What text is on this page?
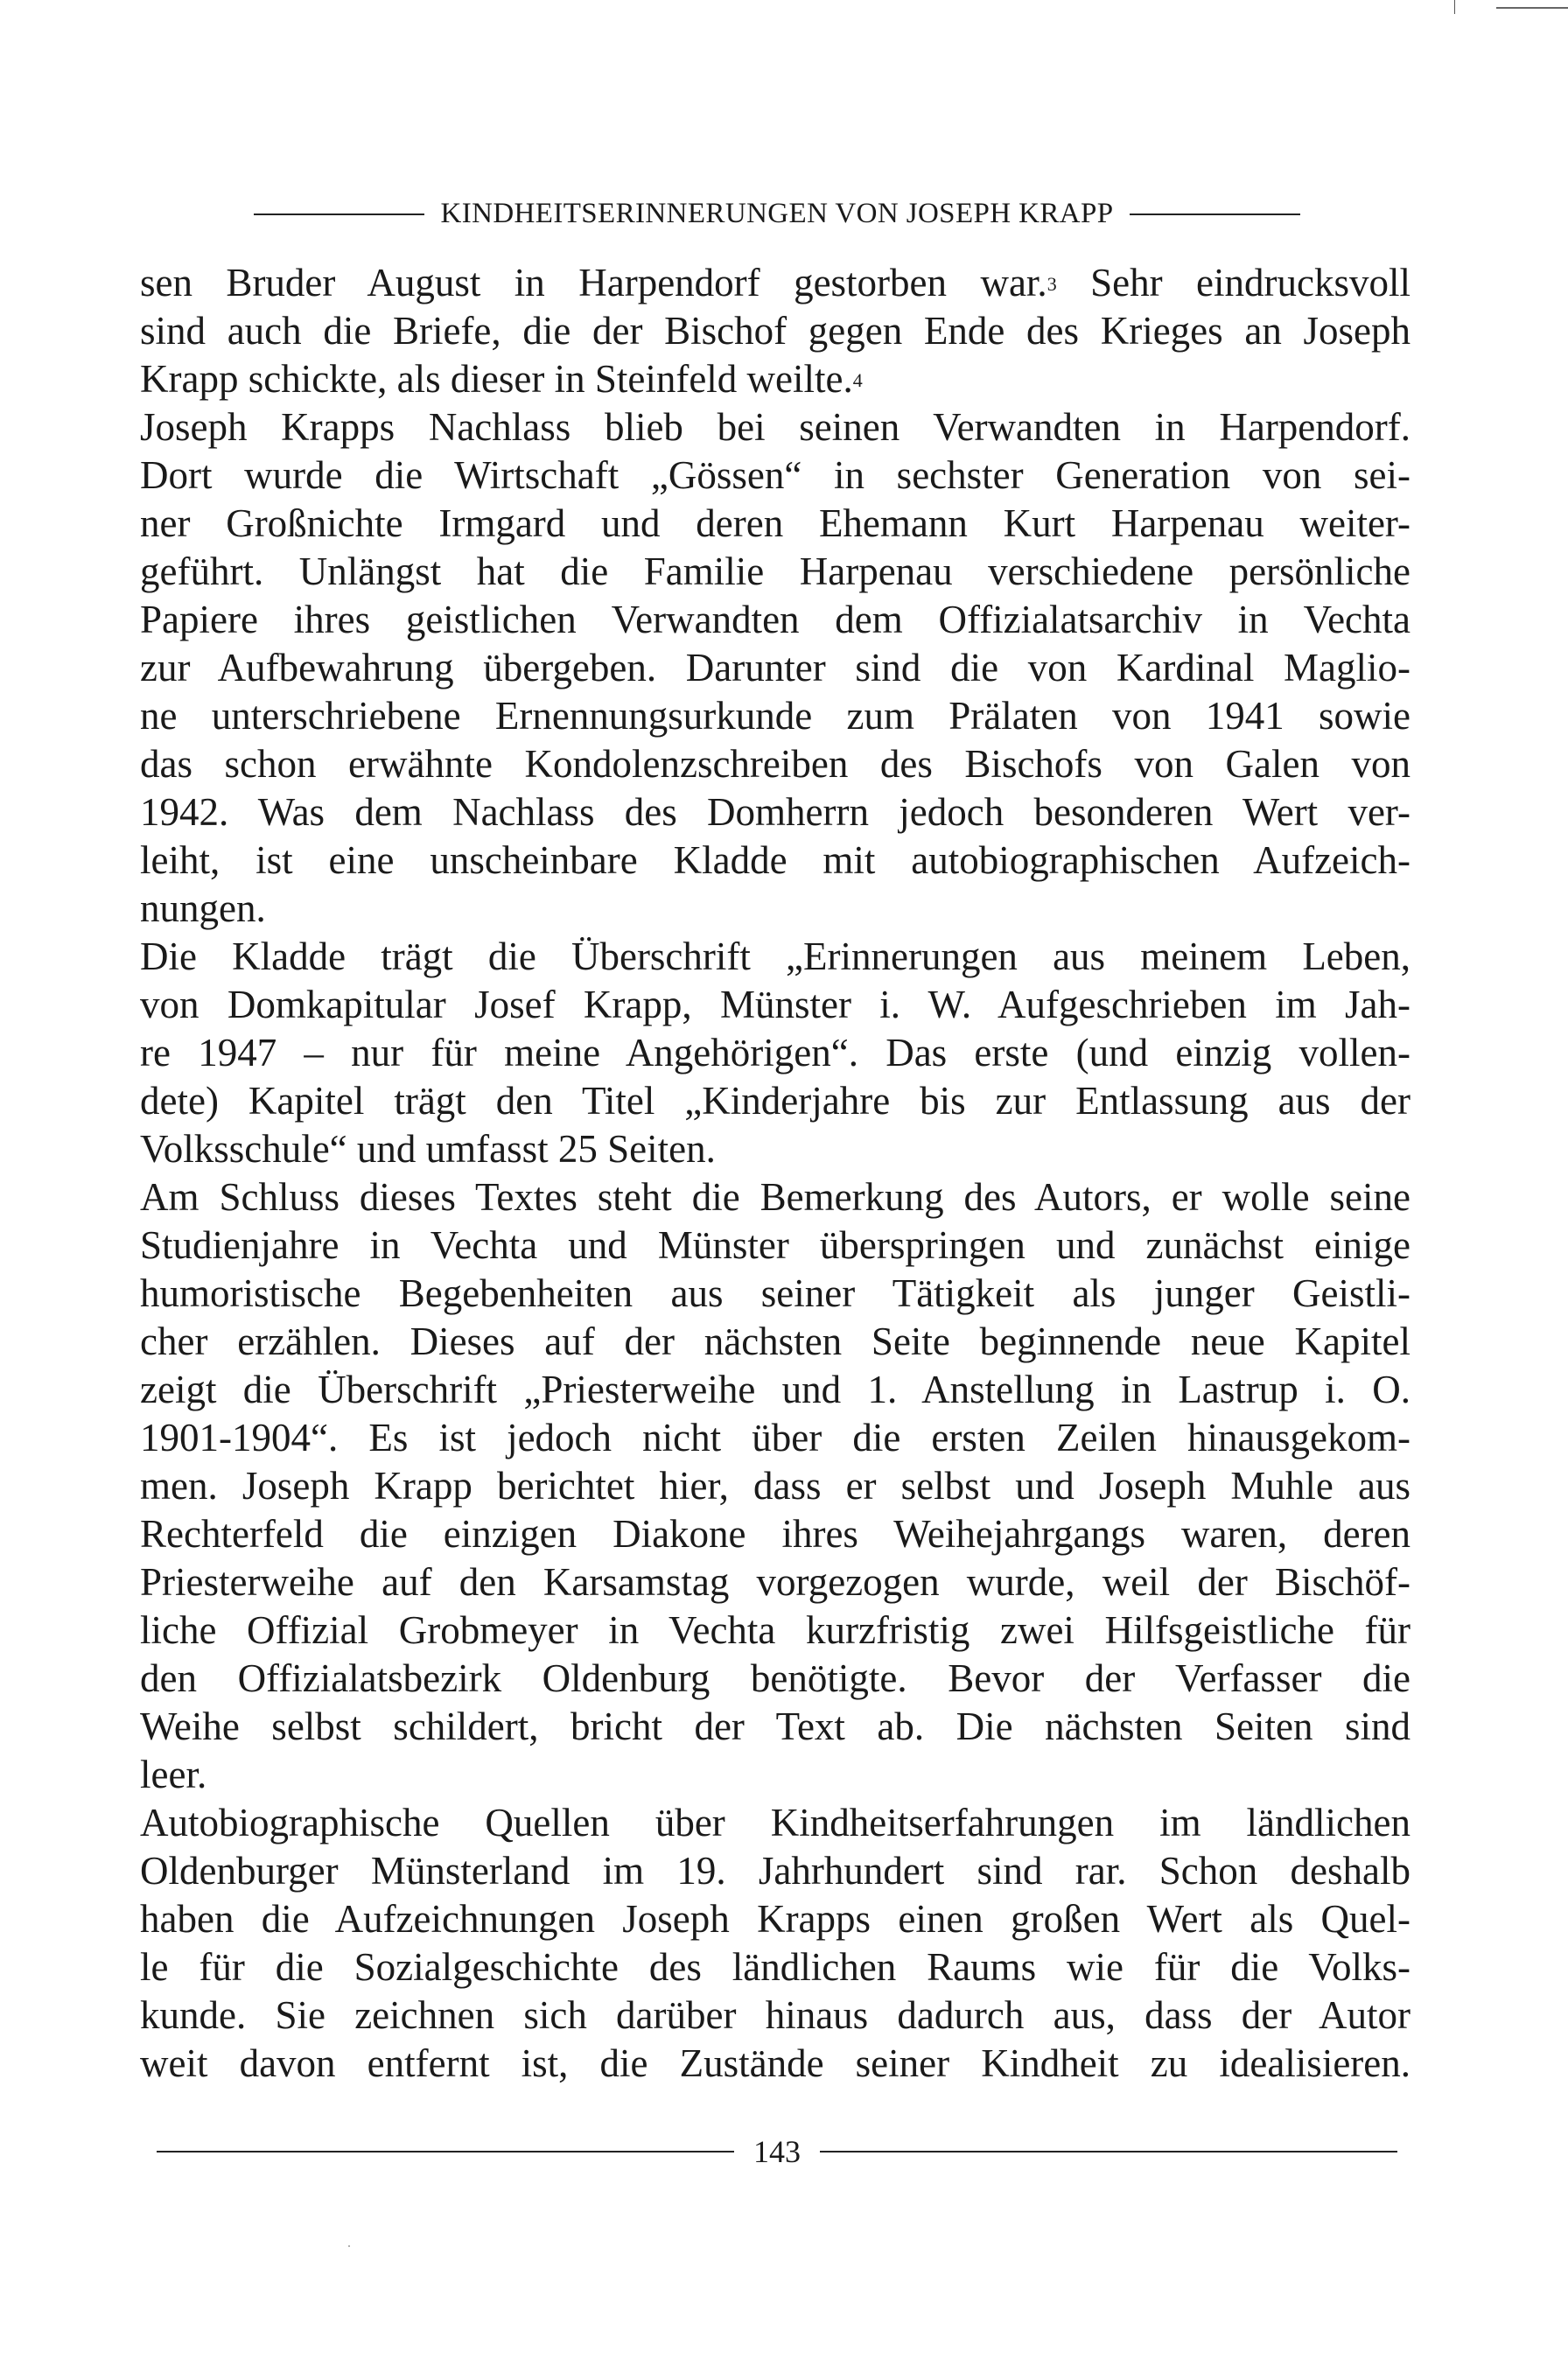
KINDHEITSERINNERUNGEN VON JOSEPH KRAPP
sen Bruder August in Harpendorf gestorben war.$^3$ Sehr eindrucksvoll
sind auch die Briefe, die der Bischof gegen Ende des Krieges an Joseph
Krapp schickte, als dieser in Steinfeld weilte.$^4$
Joseph Krapps Nachlass blieb bei seinen Verwandten in Harpendorf.
Dort wurde die Wirtschaft „Gössen“ in sechster Generation von sei-
ner Großnichte Irmgard und deren Ehemann Kurt Harpenau weiter-
geführt. Unlängst hat die Familie Harpenau verschiedene persönliche
Papiere ihres geistlichen Verwandten dem Offizialatsarchiv in Vechta
zur Aufbewahrung übergeben. Darunter sind die von Kardinal Maglio-
ne unterschriebene Ernennungsurkunde zum Prälaten von 1941 sowie
das schon erwähnte Kondolenzschreiben des Bischofs von Galen von
1942. Was dem Nachlass des Domherrn jedoch besonderen Wert ver-
leiht, ist eine unscheinbare Kladde mit autobiographischen Aufzeich-
nungen.
Die Kladde trägt die Überschrift „Erinnerungen aus meinem Leben,
von Domkapitular Josef Krapp, Münster i. W. Aufgeschrieben im Jah-
re 1947 – nur für meine Angehörigen“. Das erste (und einzig vollen-
dete) Kapitel trägt den Titel „Kinderjahre bis zur Entlassung aus der
Volksschule“ und umfasst 25 Seiten.
Am Schluss dieses Textes steht die Bemerkung des Autors, er wolle seine
Studienjahre in Vechta und Münster überspringen und zunächst einige
humoristische Begebenheiten aus seiner Tätigkeit als junger Geistli-
cher erzählen. Dieses auf der nächsten Seite beginnende neue Kapitel
zeigt die Überschrift „Priesterweihe und 1. Anstellung in Lastrup i. O.
1901-1904“. Es ist jedoch nicht über die ersten Zeilen hinausgekom-
men. Joseph Krapp berichtet hier, dass er selbst und Joseph Muhle aus
Rechterfeld die einzigen Diakone ihres Weihejahrgangs waren, deren
Priesterweihe auf den Karsamstag vorgezogen wurde, weil der Bischöf-
liche Offizial Grobmeyer in Vechta kurzfristig zwei Hilfsgeistliche für
den Offizialatsbezirk Oldenburg benötigte. Bevor der Verfasser die
Weihe selbst schildert, bricht der Text ab. Die nächsten Seiten sind
leer.
Autobiographische Quellen über Kindheitserfahrungen im ländlichen
Oldenburger Münsterland im 19. Jahrhundert sind rar. Schon deshalb
haben die Aufzeichnungen Joseph Krapps einen großen Wert als Quel-
le für die Sozialgeschichte des ländlichen Raums wie für die Volks-
kunde. Sie zeichnen sich darüber hinaus dadurch aus, dass der Autor
weit davon entfernt ist, die Zustände seiner Kindheit zu idealisieren.
143
